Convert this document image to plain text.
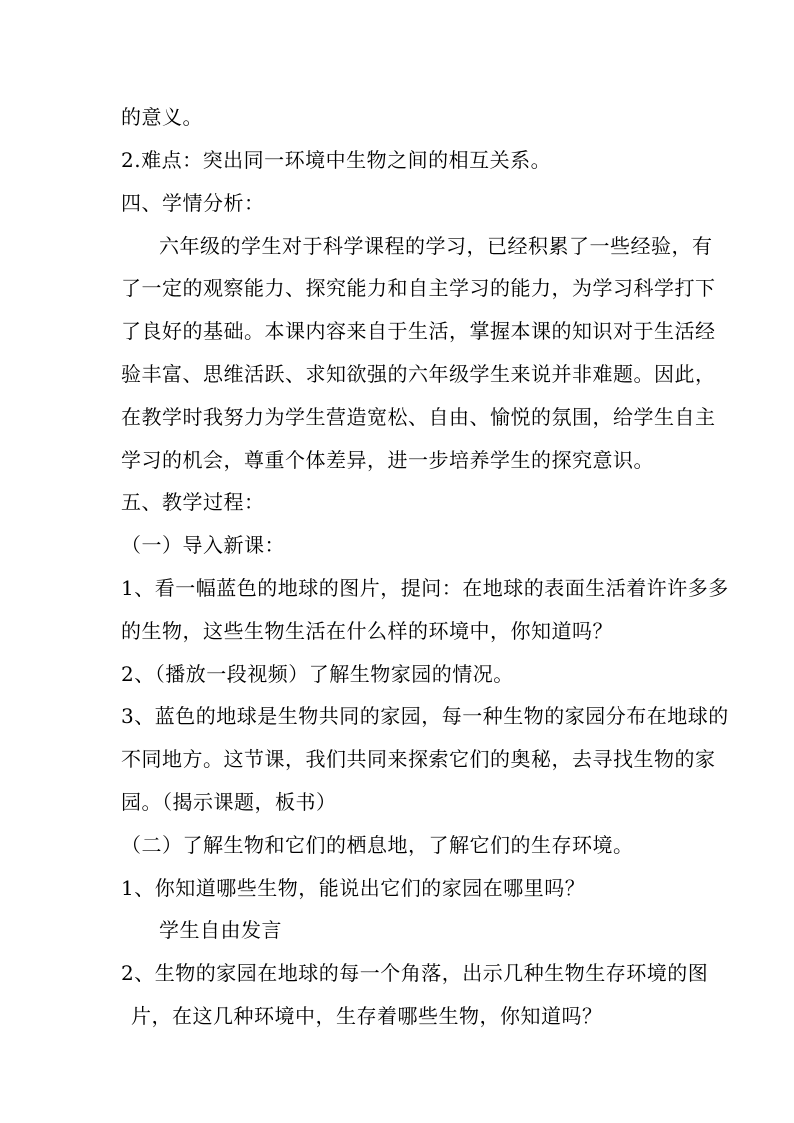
的意义。
2.难点：突出同一环境中生物之间的相互关系。
四、学情分析：
六年级的学生对于科学课程的学习，已经积累了一些经验，有
了一定的观察能力、探究能力和自主学习的能力，为学习科学打下
了良好的基础。本课内容来自于生活，掌握本课的知识对于生活经
验丰富、思维活跃、求知欲强的六年级学生来说并非难题。因此，
在教学时我努力为学生营造宽松、自由、愉悦的氛围，给学生自主
学习的机会，尊重个体差异，进一步培养学生的探究意识。
五、教学过程：
（一）导入新课：
1、看一幅蓝色的地球的图片，提问：在地球的表面生活着许许多多
的生物，这些生物生活在什么样的环境中，你知道吗？
2、（播放一段视频）了解生物家园的情况。
3、蓝色的地球是生物共同的家园，每一种生物的家园分布在地球的
不同地方。这节课，我们共同来探索它们的奥秘，去寻找生物的家
园。（揭示课题，板书）
（二）了解生物和它们的栖息地，了解它们的生存环境。
1、你知道哪些生物，能说出它们的家园在哪里吗？
学生自由发言
2、生物的家园在地球的每一个角落，出示几种生物生存环境的图
片，在这几种环境中，生存着哪些生物，你知道吗？
